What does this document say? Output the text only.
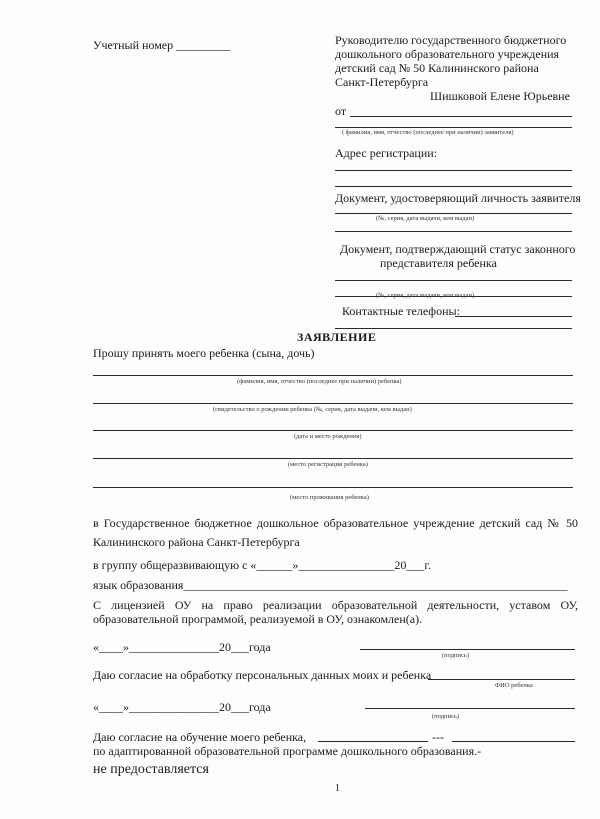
Учетный номер _________	Руководителю государственного бюджетного
дошкольного образовательного учреждения
детский сад № 50 Калининского района
Санкт-Петербурга
Шишковой Елене Юрьевне
от
( фамилия, имя, отчество (последнее при наличии) заявителя)
Адрес регистрации:
Документ, удостоверяющий личность заявителя
(№, серия, дата выдачи, кем выдан)
Документ, подтверждающий статус законного
представителя ребенка
(№, серия, дата выдачи, кем выдан)
Контактные телефоны:
ЗАЯВЛЕНИЕ
Прошу принять моего ребенка (сына, дочь)
(фамилия, имя, отчество (последнее при наличии) ребенка)
(свидетельство о рождении ребенка (№, серия, дата выдачи, кем выдан)
(дата и место рождения)
(место регистрации ребенка)
(место проживания ребенка)
в Государственное бюджетное дошкольное образовательное учреждение детский сад № 50
Калининского района Санкт-Петербурга
в группу общеразвивающую с «______»________________20___г.
язык образования________________________________________________________________
С лицензией ОУ на право реализации образовательной деятельности, уставом ОУ,
образовательной программой, реализуемой в ОУ, ознакомлен(а).
«____»_______________20___года
(подпись)
Даю согласие на обработку персональных данных моих и ребенка
ФИО ребенка
«____»_______________20___года
(подпись)
Даю согласие на обучение моего ребенка,	---
по адаптированной образовательной программе дошкольного образования.-
не предоставляется
1
